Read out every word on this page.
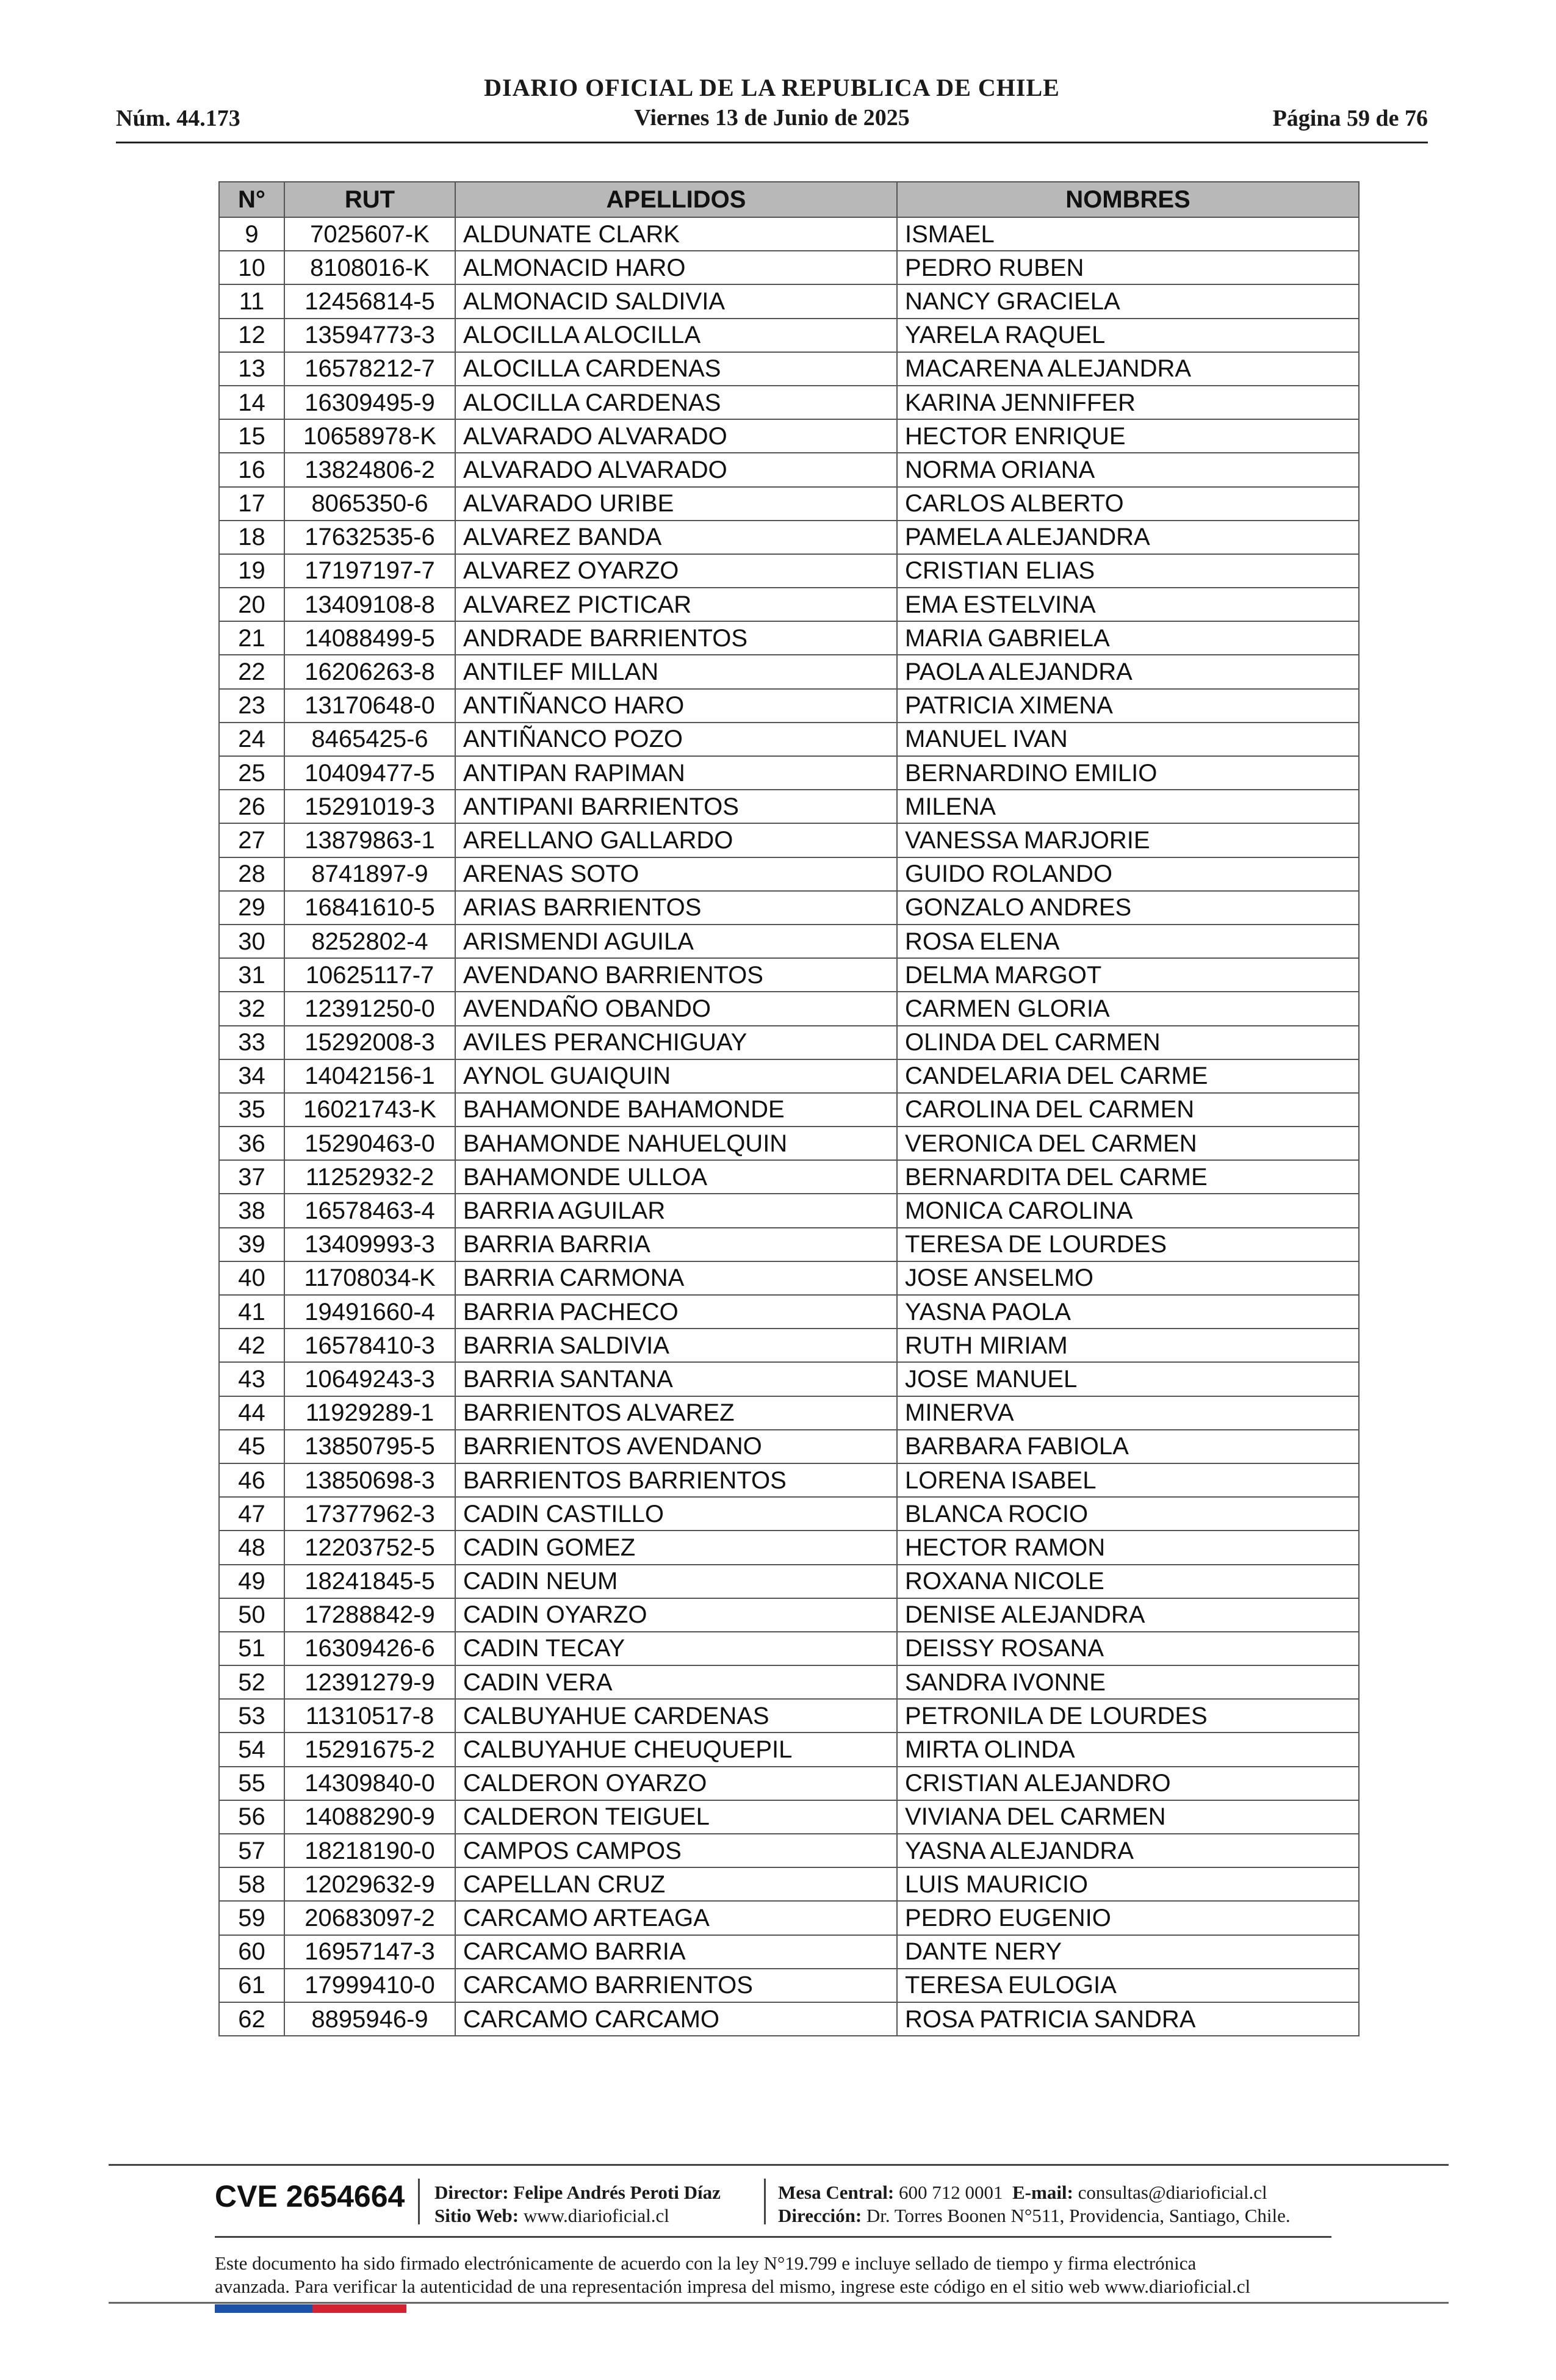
Núm. 44.173
DIARIO OFICIAL DE LA REPUBLICA DE CHILE
Viernes 13 de Junio de 2025	Página 59 de 76
N°	RUT	APELLIDOS	NOMBRES
9	7025607-K	ALDUNATE CLARK	ISMAEL
10	8108016-K	ALMONACID HARO	PEDRO RUBEN
11	12456814-5	ALMONACID SALDIVIA	NANCY GRACIELA
12	13594773-3	ALOCILLA ALOCILLA	YARELA RAQUEL
13	16578212-7	ALOCILLA CARDENAS	MACARENA ALEJANDRA
14	16309495-9	ALOCILLA CARDENAS	KARINA JENNIFFER
15	10658978-K	ALVARADO ALVARADO	HECTOR ENRIQUE
16	13824806-2	ALVARADO ALVARADO	NORMA ORIANA
17	8065350-6	ALVARADO URIBE	CARLOS ALBERTO
18	17632535-6	ALVAREZ BANDA	PAMELA ALEJANDRA
19	17197197-7	ALVAREZ OYARZO	CRISTIAN ELIAS
20	13409108-8	ALVAREZ PICTICAR	EMA ESTELVINA
21	14088499-5	ANDRADE BARRIENTOS	MARIA GABRIELA
22	16206263-8	ANTILEF MILLAN	PAOLA ALEJANDRA
23	13170648-0	ANTIÑANCO HARO	PATRICIA XIMENA
24	8465425-6	ANTIÑANCO POZO	MANUEL IVAN
25	10409477-5	ANTIPAN RAPIMAN	BERNARDINO EMILIO
26	15291019-3	ANTIPANI BARRIENTOS	MILENA
27	13879863-1	ARELLANO GALLARDO	VANESSA MARJORIE
28	8741897-9	ARENAS SOTO	GUIDO ROLANDO
29	16841610-5	ARIAS BARRIENTOS	GONZALO ANDRES
30	8252802-4	ARISMENDI AGUILA	ROSA ELENA
31	10625117-7	AVENDANO BARRIENTOS	DELMA MARGOT
32	12391250-0	AVENDAÑO OBANDO	CARMEN GLORIA
33	15292008-3	AVILES PERANCHIGUAY	OLINDA DEL CARMEN
34	14042156-1	AYNOL GUAIQUIN	CANDELARIA DEL CARME
35	16021743-K	BAHAMONDE BAHAMONDE	CAROLINA DEL CARMEN
36	15290463-0	BAHAMONDE NAHUELQUIN	VERONICA DEL CARMEN
37	11252932-2	BAHAMONDE ULLOA	BERNARDITA DEL CARME
38	16578463-4	BARRIA AGUILAR	MONICA CAROLINA
39	13409993-3	BARRIA BARRIA	TERESA DE LOURDES
40	11708034-K	BARRIA CARMONA	JOSE ANSELMO
41	19491660-4	BARRIA PACHECO	YASNA PAOLA
42	16578410-3	BARRIA SALDIVIA	RUTH MIRIAM
43	10649243-3	BARRIA SANTANA	JOSE MANUEL
44	11929289-1	BARRIENTOS ALVAREZ	MINERVA
45	13850795-5	BARRIENTOS AVENDANO	BARBARA FABIOLA
46	13850698-3	BARRIENTOS BARRIENTOS	LORENA ISABEL
47	17377962-3	CADIN CASTILLO	BLANCA ROCIO
48	12203752-5	CADIN GOMEZ	HECTOR RAMON
49	18241845-5	CADIN NEUM	ROXANA NICOLE
50	17288842-9	CADIN OYARZO	DENISE ALEJANDRA
51	16309426-6	CADIN TECAY	DEISSY ROSANA
52	12391279-9	CADIN VERA	SANDRA IVONNE
53	11310517-8	CALBUYAHUE CARDENAS	PETRONILA DE LOURDES
54	15291675-2	CALBUYAHUE CHEUQUEPIL	MIRTA OLINDA
55	14309840-0	CALDERON OYARZO	CRISTIAN ALEJANDRO
56	14088290-9	CALDERON TEIGUEL	VIVIANA DEL CARMEN
57	18218190-0	CAMPOS CAMPOS	YASNA ALEJANDRA
58	12029632-9	CAPELLAN CRUZ	LUIS MAURICIO
59	20683097-2	CARCAMO ARTEAGA	PEDRO EUGENIO
60	16957147-3	CARCAMO BARRIA	DANTE NERY
61	17999410-0	CARCAMO BARRIENTOS	TERESA EULOGIA
62	8895946-9	CARCAMO CARCAMO	ROSA PATRICIA SANDRA
CVE 2654664 Director: Felipe Andrés Peroti Díaz
Sitio Web: www.diarioficial.cl
Mesa Central: 600 712 0001 E-mail: consultas@diarioficial.cl
Dirección: Dr. Torres Boonen N°511, Providencia, Santiago, Chile.
Este documento ha sido firmado electrónicamente de acuerdo con la ley N°19.799 e incluye sellado de tiempo y firma electrónica
avanzada. Para verificar la autenticidad de una representación impresa del mismo, ingrese este código en el sitio web www.diarioficial.cl
